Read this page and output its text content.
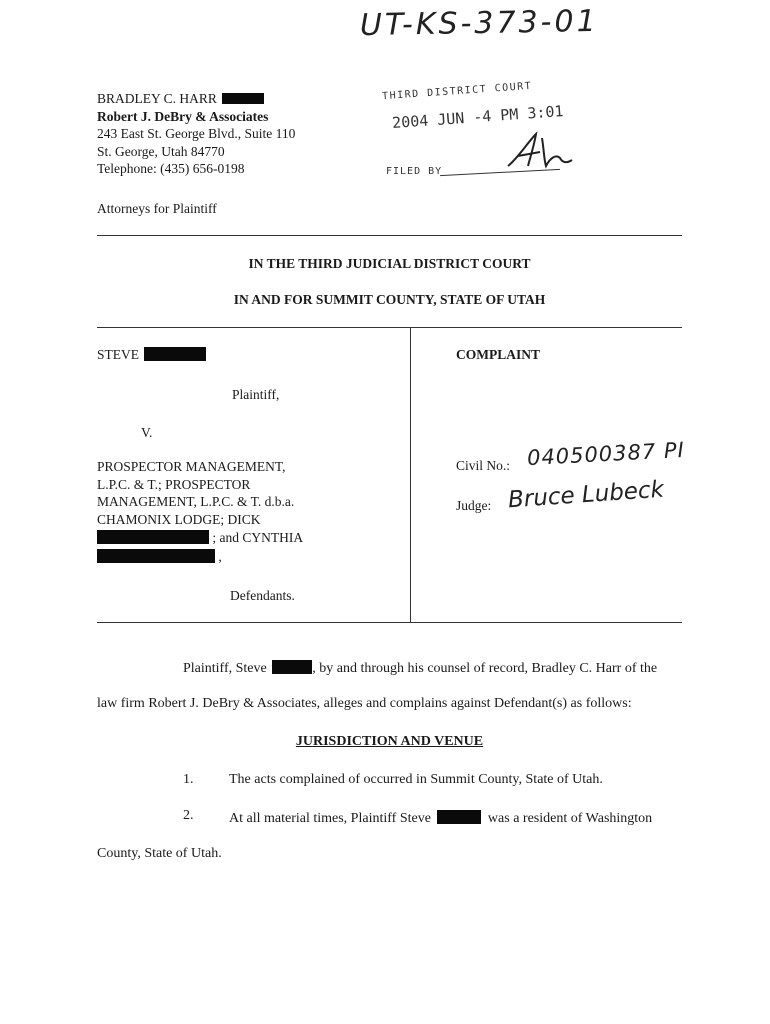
UT-KS-373-01
BRADLEY C. HARR
Robert J. DeBry & Associates
243 East St. George Blvd., Suite 110
St. George, Utah 84770
Telephone: (435) 656-0198
Attorneys for Plaintiff
THIRD DISTRICT COURT
2004 JUN -4 PM 3:01
FILED BY
IN THE THIRD JUDICIAL DISTRICT COURT
IN AND FOR SUMMIT COUNTY, STATE OF UTAH
STEVE
Plaintiff,
V.
PROSPECTOR MANAGEMENT,
L.P.C. & T.; PROSPECTOR
MANAGEMENT, L.P.C. & T. d.b.a.
CHAMONIX LODGE; DICK
; and CYNTHIA
,
Defendants.
COMPLAINT
Civil No.: 040500387 PI
Judge: Bruce Lubeck
Plaintiff, Steve	, by and through his counsel of record, Bradley C. Harr of the
law firm Robert J. DeBry & Associates, alleges and complains against Defendant(s) as follows:
JURISDICTION AND VENUE
1.	The acts complained of occurred in Summit County, State of Utah.
2.	At all material times, Plaintiff Steve	was a resident of Washington
County, State of Utah.
